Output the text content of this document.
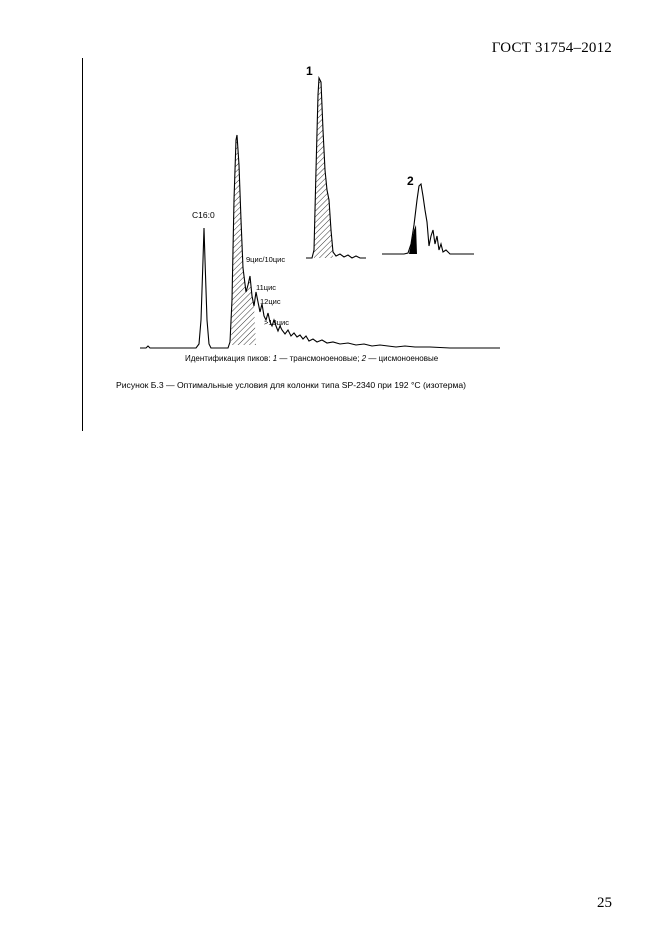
ГОСТ 31754–2012
1
2
C16:0
9цис/10цис
11цис
12цис
>13цис
Идентификация пиков: 1 — трансмоноеновые; 2 — цисмоноеновые
Рисунок Б.3 — Оптимальные условия для колонки типа SP-2340 при 192 °С (изотерма)
25
